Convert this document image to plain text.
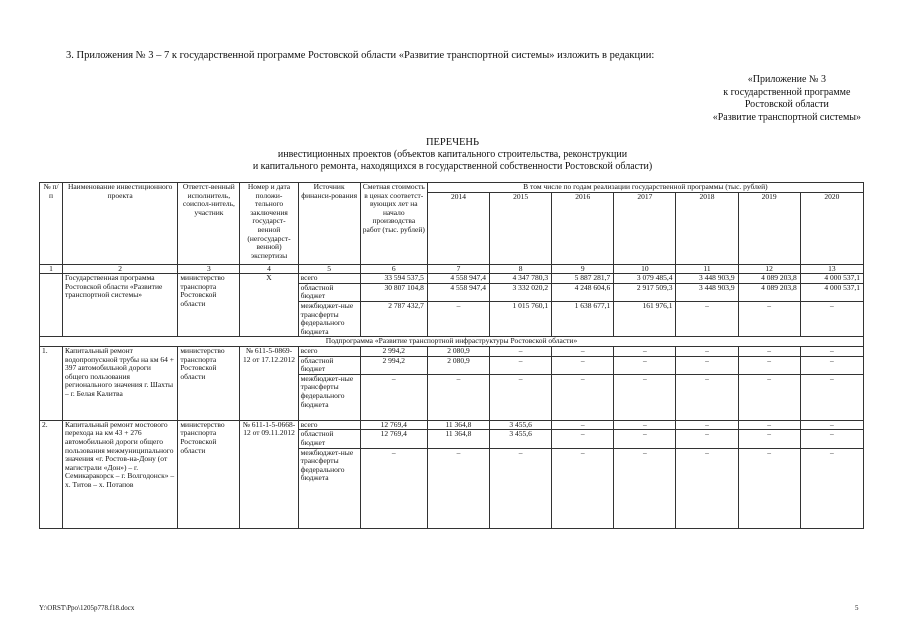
3. Приложения № 3 – 7 к государственной программе Ростовской области «Развитие транспортной системы» изложить в редакции:
«Приложение № 3
к государственной программе
Ростовской области
«Развитие транспортной системы»
ПЕРЕЧЕНЬ
инвестиционных проектов (объектов капитального строительства, реконструкции
и капитального ремонта, находящихся в государственной собственности Ростовской области)
№ п/п	Наименование инвестиционного проекта	Ответст-венный исполнитель, соиспол-нитель, участник	Номер и дата положи-тельного заключения государст-венной (негосударст-венной) экспертизы	Источник финанси-рования	Сметная стоимость в ценах соответст-вующих лет на начало производства работ (тыс. рублей)	В том числе по годам реализации государственной программы (тыс. рублей)						
						2014	2015	2016	2017	2018	2019	2020
1	2	3	4	5	6	7	8	9	10	11	12	13
	Государственная программа Ростовской области «Развитие транспортной системы»	министерство транспорта Ростовской области	Х	всего	33 594 537,5	4 558 947,4	4 347 780,3	5 887 281,7	3 079 485,4	3 448 903,9	4 089 203,8	4 000 537,1
				областной бюджет	30 807 104,8	4 558 947,4	3 332 020,2	4 248 604,6	2 917 509,3	3 448 903,9	4 089 203,8	4 000 537,1
				межбюджет-ные трансферты федерального бюджета	2 787 432,7	–	1 015 760,1	1 638 677,1	161 976,1	–	–	–
Подпрограмма «Развитие транспортной инфраструктуры Ростовской области»												
1.	Капитальный ремонт водопропускной трубы на км 64 + 397 автомобильной дороги общего пользования регионального значения г. Шахты – г. Белая Калитва	министерство транспорта Ростовской области	№ 611-5-0869-12 от 17.12.2012	всего	2 994,2	2 080,9	–	–	–	–	–	–
				областной бюджет	2 994,2	2 080,9	–	–	–	–	–	–
				межбюджет-ные трансферты федерального бюджета	–	–	–	–	–	–	–	–
2.	Капитальный ремонт мостового перехода на км 43 + 276 автомобильной дороги общего пользования межмуниципального значения «г. Ростов-на-Дону (от магистрали «Дон») – г. Семикаракорск – г. Волгодонск» – х. Титов – х. Потапов	министерство транспорта Ростовской области	№ 611-1-5-0668-12 от 09.11.2012	всего	12 769,4	11 364,8	3 455,6	–	–	–	–	–
				областной бюджет	12 769,4	11 364,8	3 455,6	–	–	–	–	–
				межбюджет-ные трансферты федерального бюджета	–	–	–	–	–	–	–	–
Y:\ORST\Ppo\1205p778.f18.docx	5
